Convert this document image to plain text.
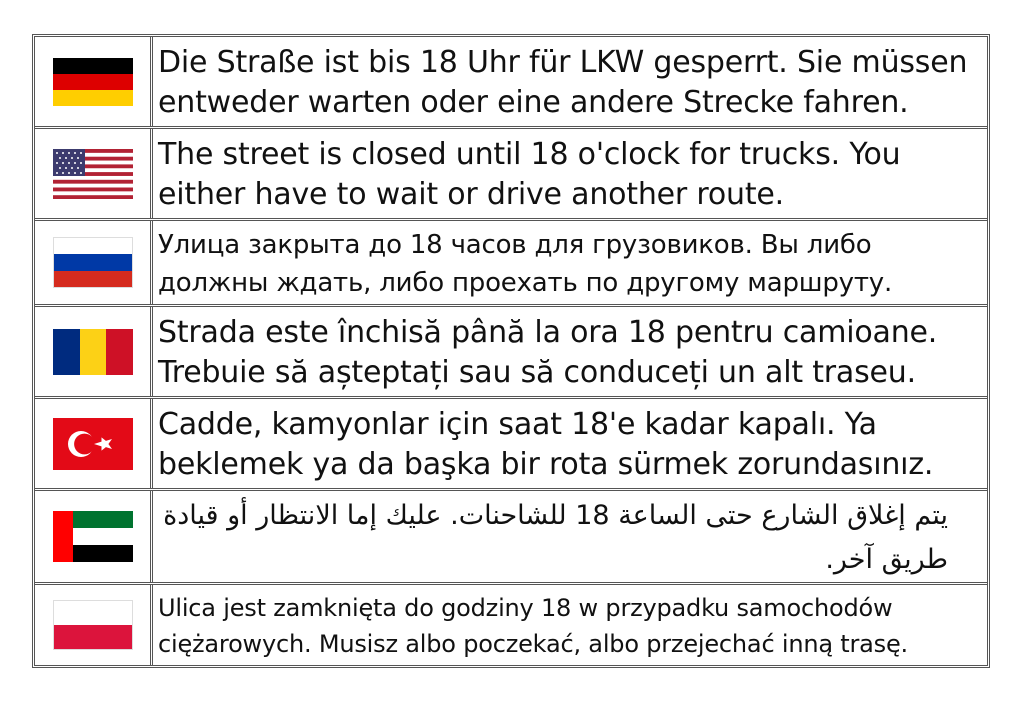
Die Straße ist bis 18 Uhr für LKW gesperrt. Sie müssen entweder warten oder eine andere Strecke fahren.
The street is closed until 18 o'clock for trucks. You either have to wait or drive another route.
Улица закрыта до 18 часов для грузовиков. Вы либо должны ждать, либо проехать по другому маршруту.
Strada este închisă până la ora 18 pentru camioane. Trebuie să așteptați sau să conduceți un alt traseu.
Cadde, kamyonlar için saat 18'e kadar kapalı. Ya beklemek ya da başka bir rota sürmek zorundasınız.
يتم إغلاق الشارع حتى الساعة 18 للشاحنات. عليك إما الانتظار أو قيادة طريق آخر.
Ulica jest zamknięta do godziny 18 w przypadku samochodów ciężarowych. Musisz albo poczekać, albo przejechać inną trasę.
